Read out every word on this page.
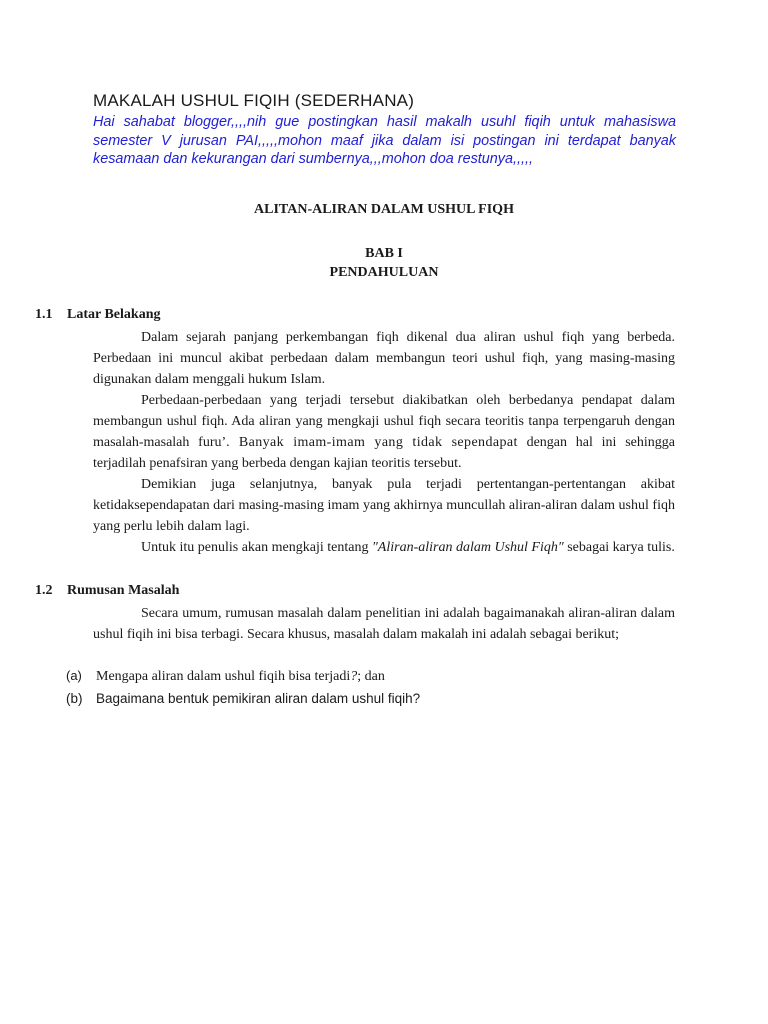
MAKALAH USHUL FIQIH (SEDERHANA)
Hai sahabat blogger,,,,nih gue postingkan hasil makalh usuhl fiqih untuk mahasiswa semester V jurusan PAI,,,,,mohon maaf jika dalam isi postingan ini terdapat banyak kesamaan dan kekurangan dari sumbernya,,,mohon doa restunya,,,,,
ALITAN-ALIRAN DALAM USHUL FIQH
BAB I
PENDAHULUAN
1.1 Latar Belakang

Dalam sejarah panjang perkembangan fiqh dikenal dua aliran ushul fiqh yang berbeda. Perbedaan ini muncul akibat perbedaan dalam membangun teori ushul fiqh, yang masing-masing digunakan dalam menggali hukum Islam.

Perbedaan-perbedaan yang terjadi tersebut diakibatkan oleh berbedanya pendapat dalam membangun ushul fiqh. Ada aliran yang mengkaji ushul fiqh secara teoritis tanpa terpengaruh dengan masalah-masalah furu’. Banyak imam-imam yang tidak sependapat dengan hal ini sehingga terjadilah penafsiran yang berbeda dengan kajian teoritis tersebut.

Demikian juga selanjutnya, banyak pula terjadi pertentangan-pertentangan akibat ketidaksependapatan dari masing-masing imam yang akhirnya muncullah aliran-aliran dalam ushul fiqh yang perlu lebih dalam lagi.

Untuk itu penulis akan mengkaji tentang ″Aliran-aliran dalam Ushul Fiqh″ sebagai karya tulis.

1.2 Rumusan Masalah

Secara umum, rumusan masalah dalam penelitian ini adalah bagaimanakah aliran-aliran dalam ushul fiqih ini bisa terbagi. Secara khusus, masalah dalam makalah ini adalah sebagai berikut;

(a) Mengapa aliran dalam ushul fiqih bisa terjadi?; dan
(b) Bagaimana bentuk pemikiran aliran dalam ushul fiqih?
